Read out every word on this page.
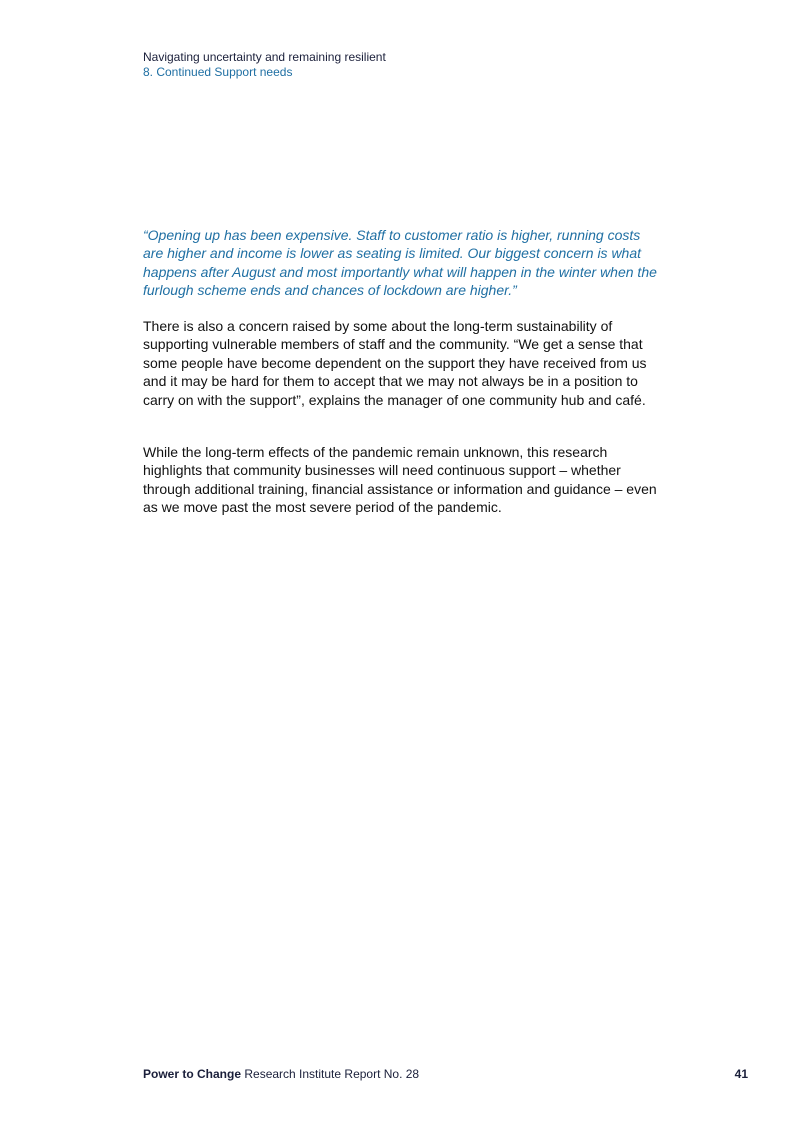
Navigating uncertainty and remaining resilient
8. Continued Support needs

“Opening up has been expensive. Staff to customer ratio is higher, running costs are higher and income is lower as seating is limited. Our biggest concern is what happens after August and most importantly what will happen in the winter when the furlough scheme ends and chances of lockdown are higher.”

There is also a concern raised by some about the long-term sustainability of supporting vulnerable members of staff and the community. “We get a sense that some people have become dependent on the support they have received from us and it may be hard for them to accept that we may not always be in a position to carry on with the support”, explains the manager of one community hub and café.

While the long-term effects of the pandemic remain unknown, this research highlights that community businesses will need continuous support – whether through additional training, financial assistance or information and guidance – even as we move past the most severe period of the pandemic.

Power to Change Research Institute Report No. 28	41
